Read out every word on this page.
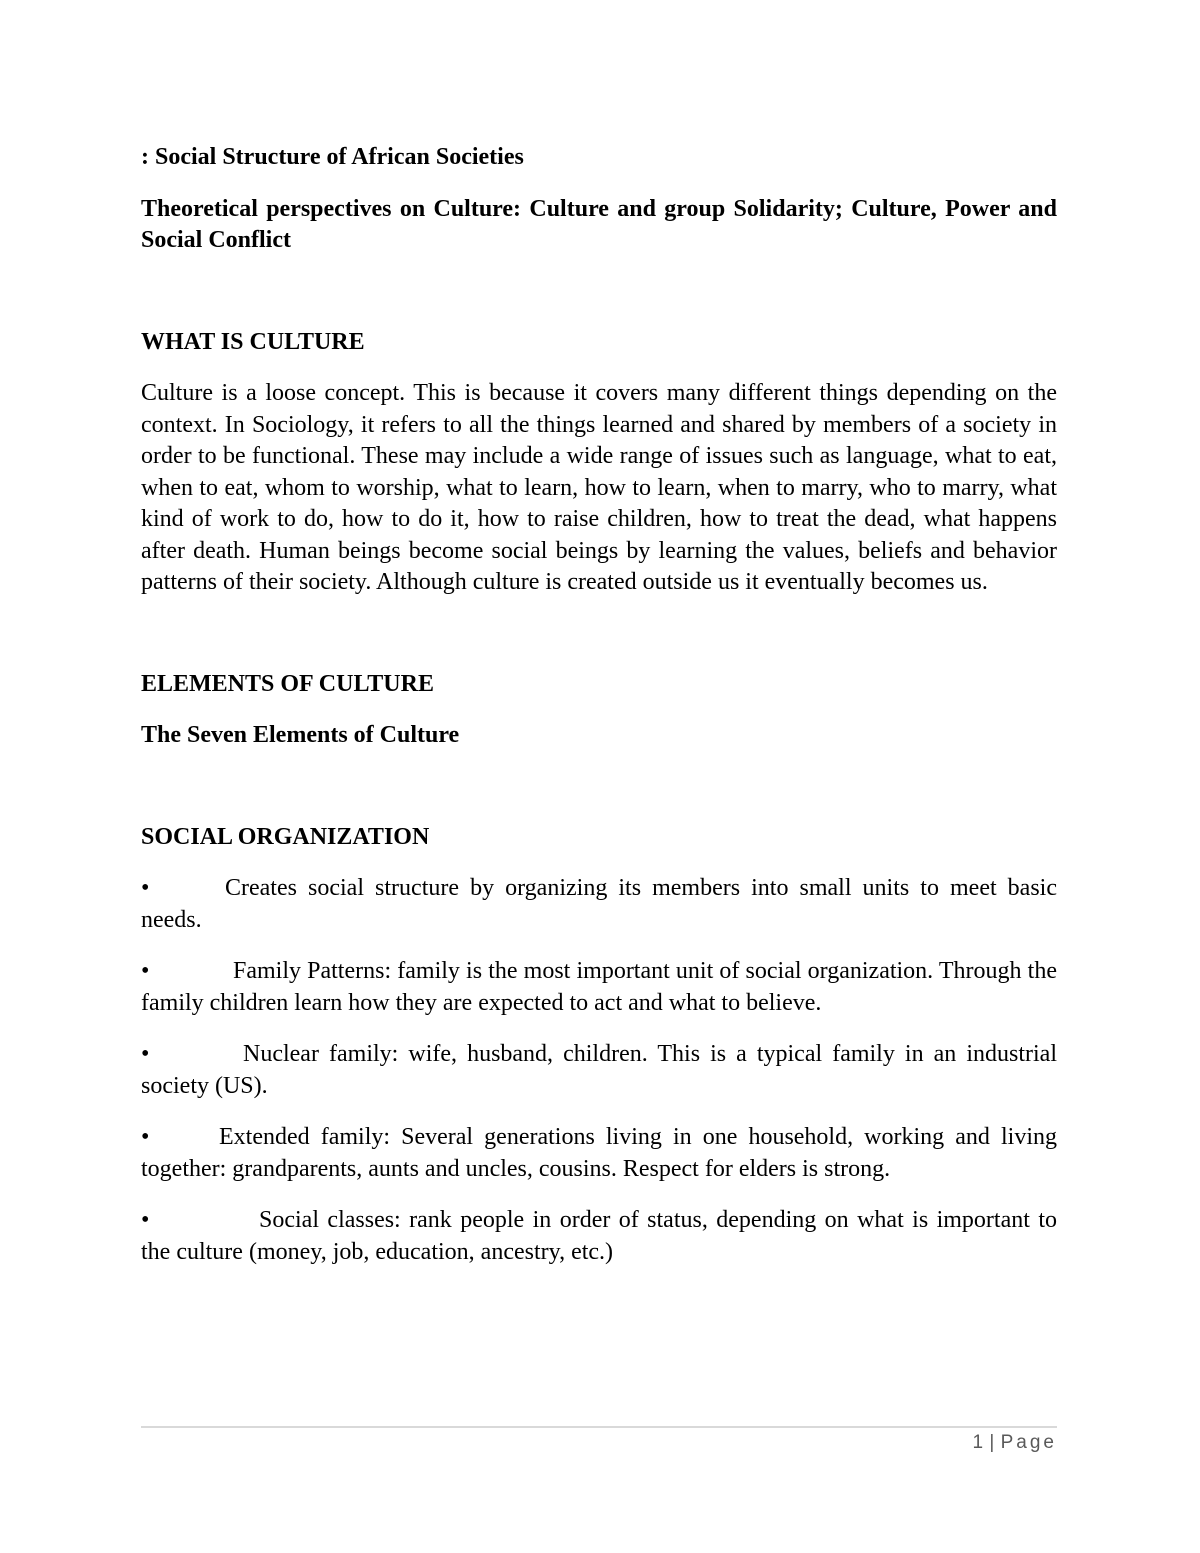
: Social Structure of African Societies

Theoretical perspectives on Culture: Culture and group Solidarity; Culture, Power and Social Conflict

WHAT IS CULTURE

Culture is a loose concept. This is because it covers many different things depending on the context. In Sociology, it refers to all the things learned and shared by members of a society in order to be functional. These may include a wide range of issues such as language, what to eat, when to eat, whom to worship, what to learn, how to learn, when to marry, who to marry, what kind of work to do, how to do it, how to raise children, how to treat the dead, what happens after death. Human beings become social beings by learning the values, beliefs and behavior patterns of their society. Although culture is created outside us it eventually becomes us.

ELEMENTS OF CULTURE

The Seven Elements of Culture

SOCIAL ORGANIZATION

•	Creates social structure by organizing its members into small units to meet basic needs.

•	Family Patterns: family is the most important unit of social organization. Through the family children learn how they are expected to act and what to believe.

•	Nuclear family: wife, husband, children. This is a typical family in an industrial society (US).

•	Extended family: Several generations living in one household, working and living together: grandparents, aunts and uncles, cousins. Respect for elders is strong.

•	Social classes: rank people in order of status, depending on what is important to the culture (money, job, education, ancestry, etc.)

1 | Page
